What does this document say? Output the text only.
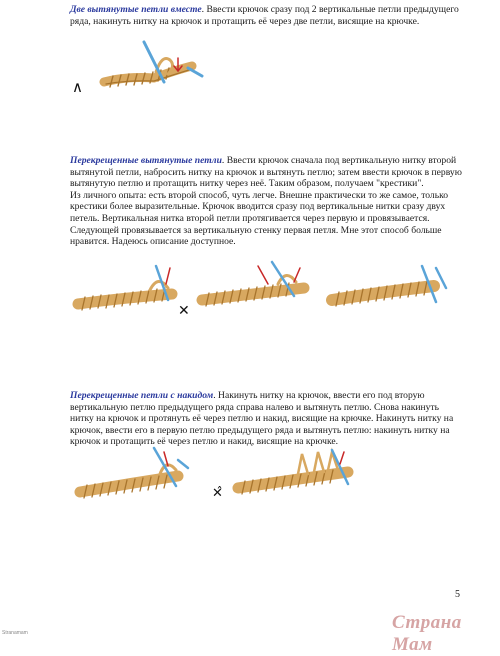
Две вытянутые петли вместе. Ввести крючок сразу под 2 вертикальные петли предыдущего ряда, накинуть нитку на крючок и протащить её через две петли, висящие на крючке.
∧
Перекрещенные вытянутые петли. Ввести крючок сначала под вертикальную нитку второй вытянутой петли, набросить нитку на крючок и вытянуть петлю; затем ввести крючок в первую вытянутую петлю и протащить нитку через неё. Таким образом, получаем "крестики".
Из личного опыта: есть второй способ, чуть легче. Внешне практически то же самое, только крестики более выразительные. Крючок вводится сразу под вертикальные нитки сразу двух петель. Вертикальная нитка второй петли протягивается через первую и провязывается. Следующей провязывается за вертикальную стенку первая петля. Мне этот способ больше нравится. Надеюсь описание доступное.
✕
Перекрещенные петли с накидом. Накинуть нитку на крючок, ввести его под вторую вертикальную петлю предыдущего ряда справа налево и вытянуть петлю. Снова накинуть нитку на крючок и протянуть её через петлю и накид, висящие на крючке. Накинуть нитку на крючок, ввести его в первую петлю предыдущего ряда и вытянуть петлю: накинуть нитку на крючок и протащить её через петлю и накид, висящие на крючке.
✕̂
5
Страна Мам
Stranamam
